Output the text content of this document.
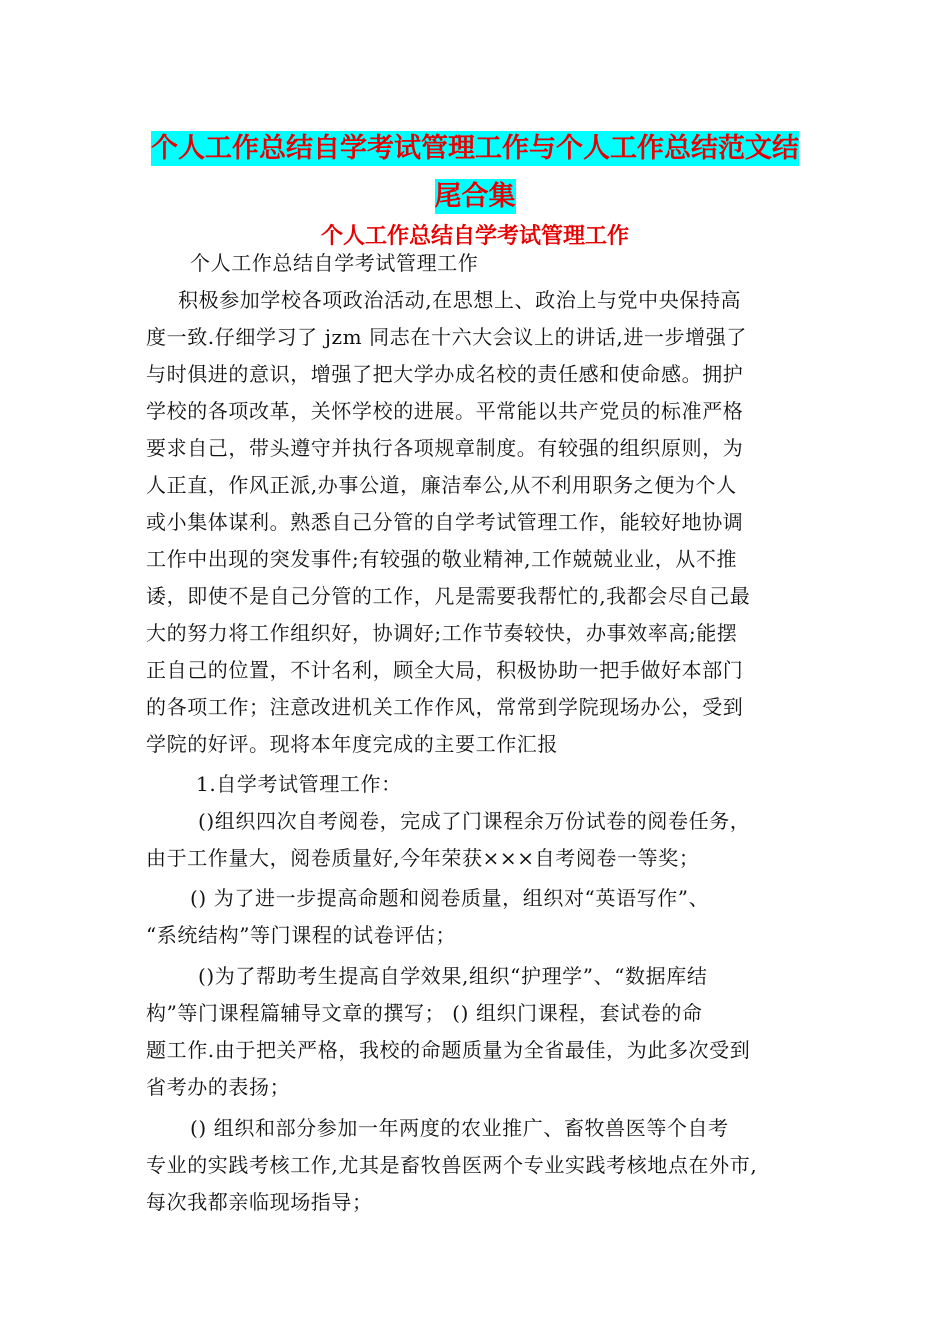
个人工作总结自学考试管理工作与个人工作总结范文结
尾合集
个人工作总结自学考试管理工作
个人工作总结自学考试管理工作
积极参加学校各项政治活动,在思想上、政治上与党中央保持高
度一致.仔细学习了 jzm 同志在十六大会议上的讲话,进一步增强了
与时俱进的意识，增强了把大学办成名校的责任感和使命感。拥护
学校的各项改革，关怀学校的进展。平常能以共产党员的标准严格
要求自己，带头遵守并执行各项规章制度。有较强的组织原则，为
人正直，作风正派,办事公道，廉洁奉公,从不利用职务之便为个人
或小集体谋利。熟悉自己分管的自学考试管理工作，能较好地协调
工作中出现的突发事件;有较强的敬业精神,工作兢兢业业，从不推
诿，即使不是自己分管的工作，凡是需要我帮忙的,我都会尽自己最
大的努力将工作组织好，协调好;工作节奏较快，办事效率高;能摆
正自己的位置，不计名利，顾全大局，积极协助一把手做好本部门
的各项工作；注意改进机关工作作风，常常到学院现场办公，受到
学院的好评。现将本年度完成的主要工作汇报
1.自学考试管理工作：
()组织四次自考阅卷，完成了门课程余万份试卷的阅卷任务，
由于工作量大，阅卷质量好,今年荣获×××自考阅卷一等奖；
() 为了进一步提高命题和阅卷质量，组织对“英语写作”、
“系统结构”等门课程的试卷评估；
()为了帮助考生提高自学效果,组织“护理学”、“数据库结
构”等门课程篇辅导文章的撰写； () 组织门课程，套试卷的命
题工作.由于把关严格，我校的命题质量为全省最佳，为此多次受到
省考办的表扬；
() 组织和部分参加一年两度的农业推广、畜牧兽医等个自考
专业的实践考核工作,尤其是畜牧兽医两个专业实践考核地点在外市,
每次我都亲临现场指导；
